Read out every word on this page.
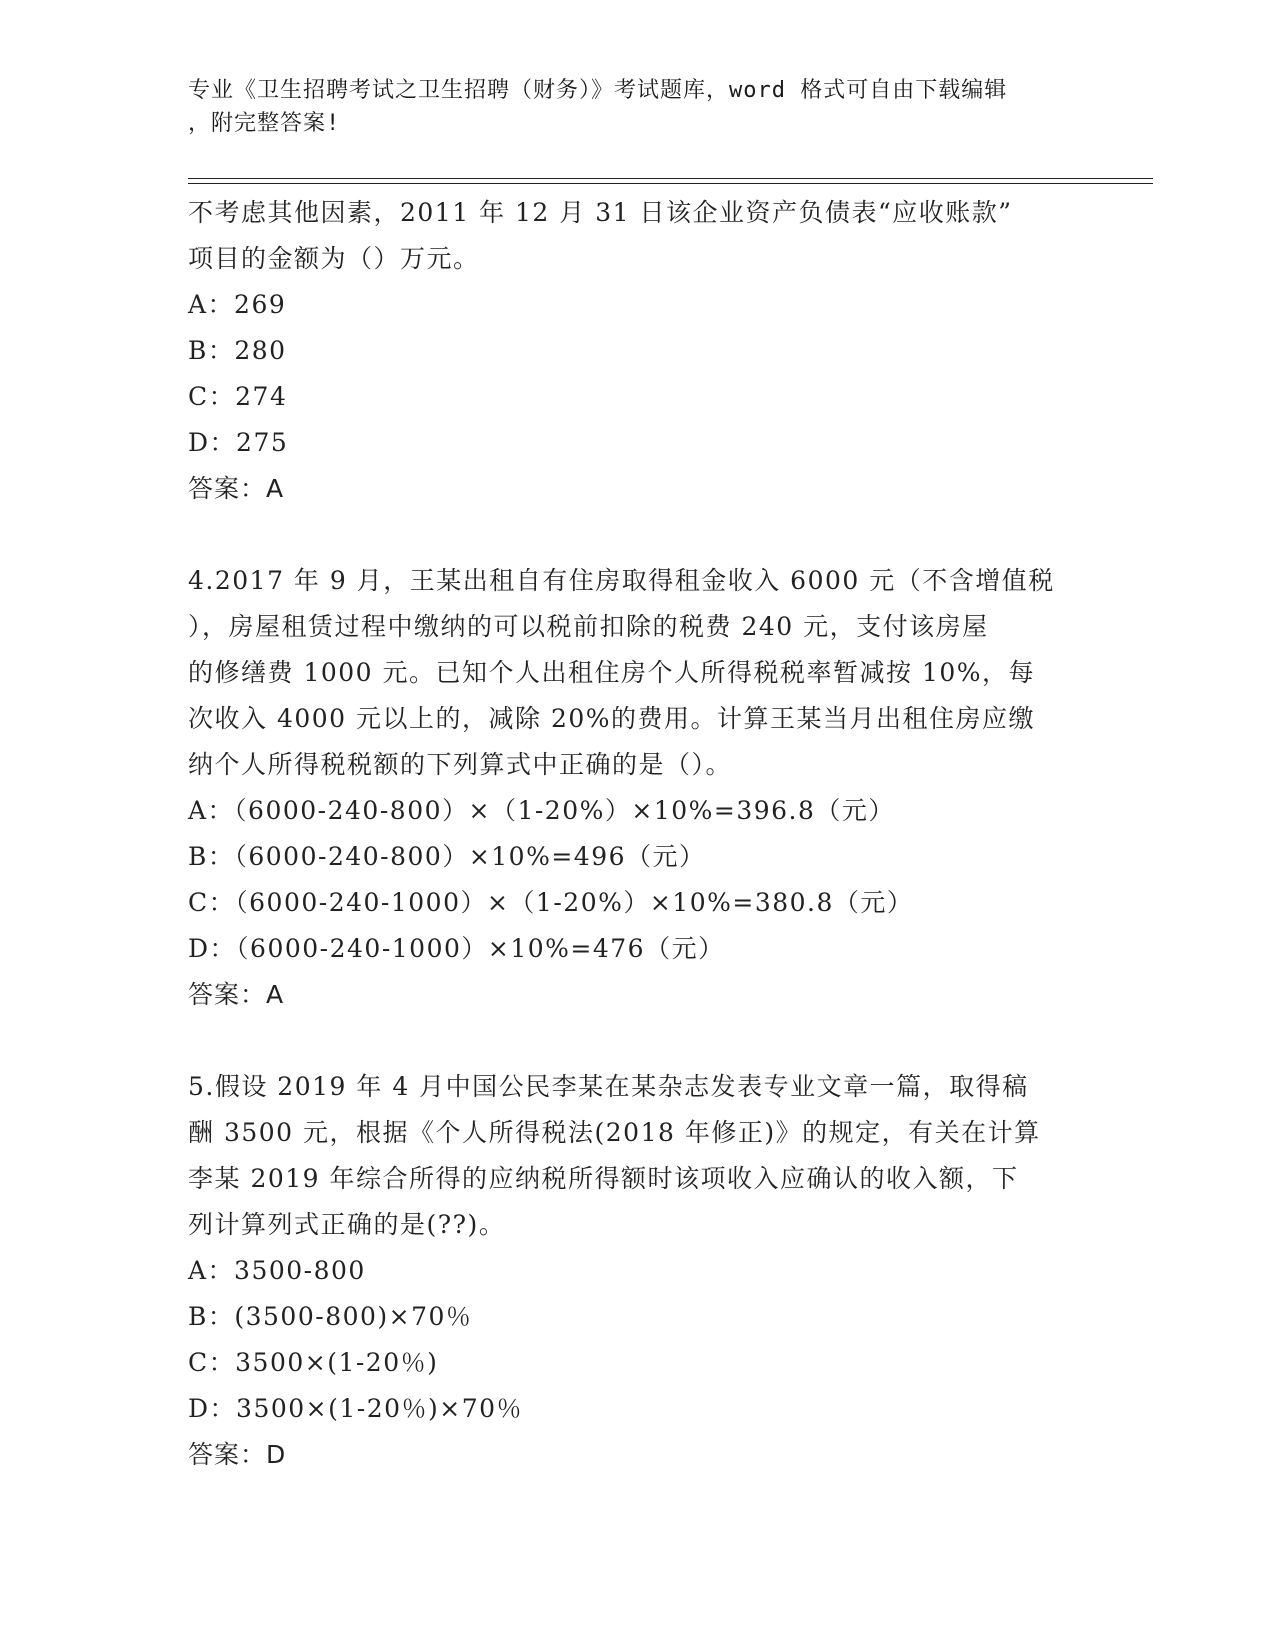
专业《卫生招聘考试之卫生招聘（财务）》考试题库，word 格式可自由下载编辑
，附完整答案!

不考虑其他因素，2011 年 12 月 31 日该企业资产负债表“应收账款”

项目的金额为（）万元。

A：269

B：280

C：274

D：275

答案：A

4.2017 年 9 月，王某出租自有住房取得租金收入 6000 元（不含增值税

），房屋租赁过程中缴纳的可以税前扣除的税费 240 元，支付该房屋

的修缮费 1000 元。已知个人出租住房个人所得税税率暂减按 10%，每

次收入 4000 元以上的，减除 20%的费用。计算王某当月出租住房应缴

纳个人所得税税额的下列算式中正确的是（）。

A：（6000-240-800）×（1-20%）×10%=396.8（元）

B：（6000-240-800）×10%=496（元）

C：（6000-240-1000）×（1-20%）×10%=380.8（元）

D：（6000-240-1000）×10%=476（元）

答案：A

5.假设 2019 年 4 月中国公民李某在某杂志发表专业文章一篇，取得稿

酬 3500 元，根据《个人所得税法(2018 年修正)》的规定，有关在计算

李某 2019 年综合所得的应纳税所得额时该项收入应确认的收入额，下

列计算列式正确的是(??)。

A：3500-800

B：(3500-800)×70％

C：3500×(1-20％)

D：3500×(1-20％)×70％

答案：D
